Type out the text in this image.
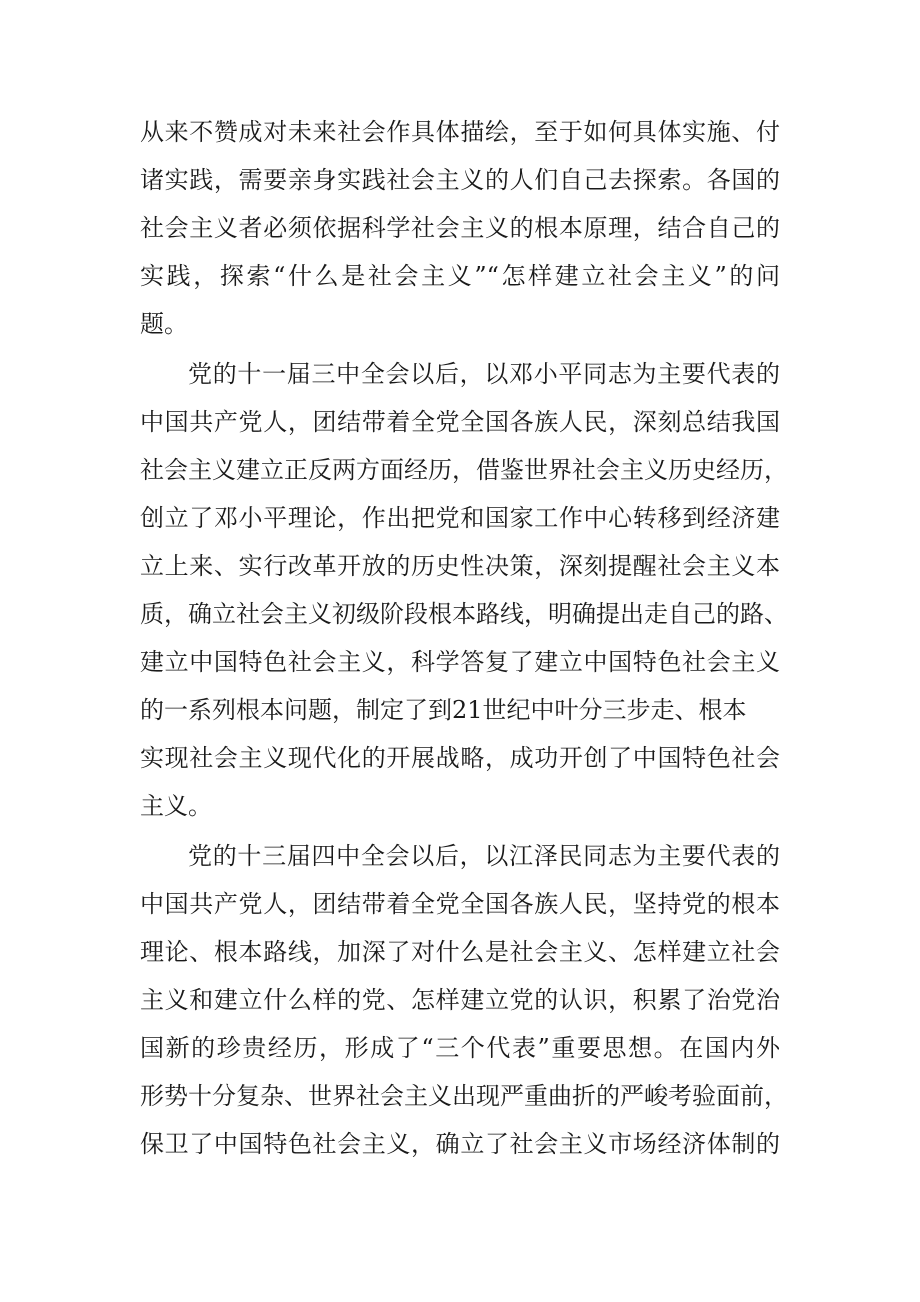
从来不赞成对未来社会作具体描绘，至于如何具体实施、付
诸实践，需要亲身实践社会主义的人们自己去探索。各国的
社会主义者必须依据科学社会主义的根本原理，结合自己的
实践，探索“什么是社会主义”“怎样建立社会主义”的问
题。
党的十一届三中全会以后，以邓小平同志为主要代表的
中国共产党人，团结带着全党全国各族人民，深刻总结我国
社会主义建立正反两方面经历，借鉴世界社会主义历史经历，
创立了邓小平理论，作出把党和国家工作中心转移到经济建
立上来、实行改革开放的历史性决策，深刻提醒社会主义本
质，确立社会主义初级阶段根本路线，明确提出走自己的路、
建立中国特色社会主义，科学答复了建立中国特色社会主义
的一系列根本问题，制定了到21世纪中叶分三步走、根本
实现社会主义现代化的开展战略，成功开创了中国特色社会
主义。
党的十三届四中全会以后，以江泽民同志为主要代表的
中国共产党人，团结带着全党全国各族人民，坚持党的根本
理论、根本路线，加深了对什么是社会主义、怎样建立社会
主义和建立什么样的党、怎样建立党的认识，积累了治党治
国新的珍贵经历，形成了“三个代表”重要思想。在国内外
形势十分复杂、世界社会主义出现严重曲折的严峻考验面前，
保卫了中国特色社会主义，确立了社会主义市场经济体制的
